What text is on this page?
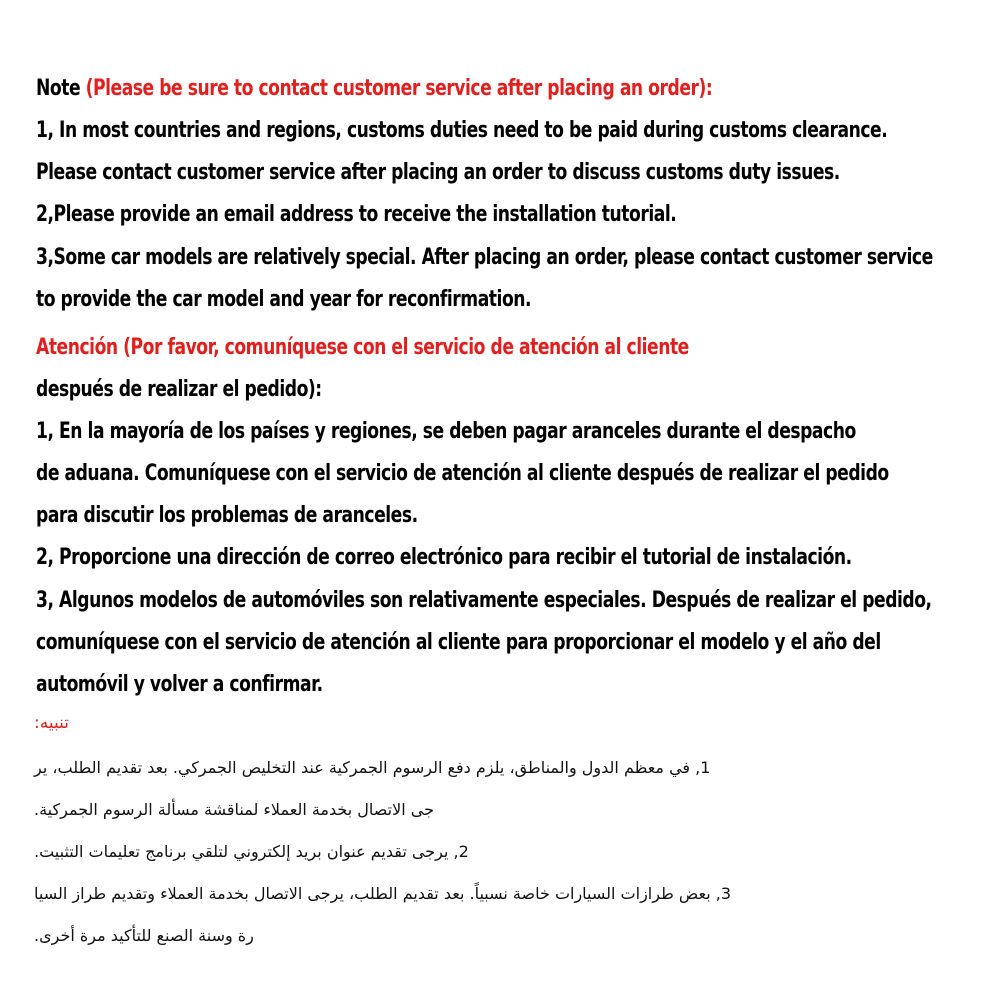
Note (Please be sure to contact customer service after placing an order):
1, In most countries and regions, customs duties need to be paid during customs clearance.
Please contact customer service after placing an order to discuss customs duty issues.
2,Please provide an email address to receive the installation tutorial.
3,Some car models are relatively special. After placing an order, please contact customer service
to provide the car model and year for reconfirmation.
Atención (Por favor, comuníquese con el servicio de atención al cliente
después de realizar el pedido):
1, En la mayoría de los países y regiones, se deben pagar aranceles durante el despacho
de aduana. Comuníquese con el servicio de atención al cliente después de realizar el pedido
para discutir los problemas de aranceles.
2, Proporcione una dirección de correo electrónico para recibir el tutorial de instalación.
3, Algunos modelos de automóviles son relativamente especiales. Después de realizar el pedido,
comuníquese con el servicio de atención al cliente para proporcionar el modelo y el año del
automóvil y volver a confirmar.
تنبيه:
1, في معظم الدول والمناطق، يلزم دفع الرسوم الجمركية عند التخليص الجمركي. بعد تقديم الطلب، ير
جى الاتصال بخدمة العملاء لمناقشة مسألة الرسوم الجمركية.
2, يرجى تقديم عنوان بريد إلكتروني لتلقي برنامج تعليمات التثبيت.
3, بعض طرازات السيارات خاصة نسبياً. بعد تقديم الطلب، يرجى الاتصال بخدمة العملاء وتقديم طراز السيا
رة وسنة الصنع للتأكيد مرة أخرى.
